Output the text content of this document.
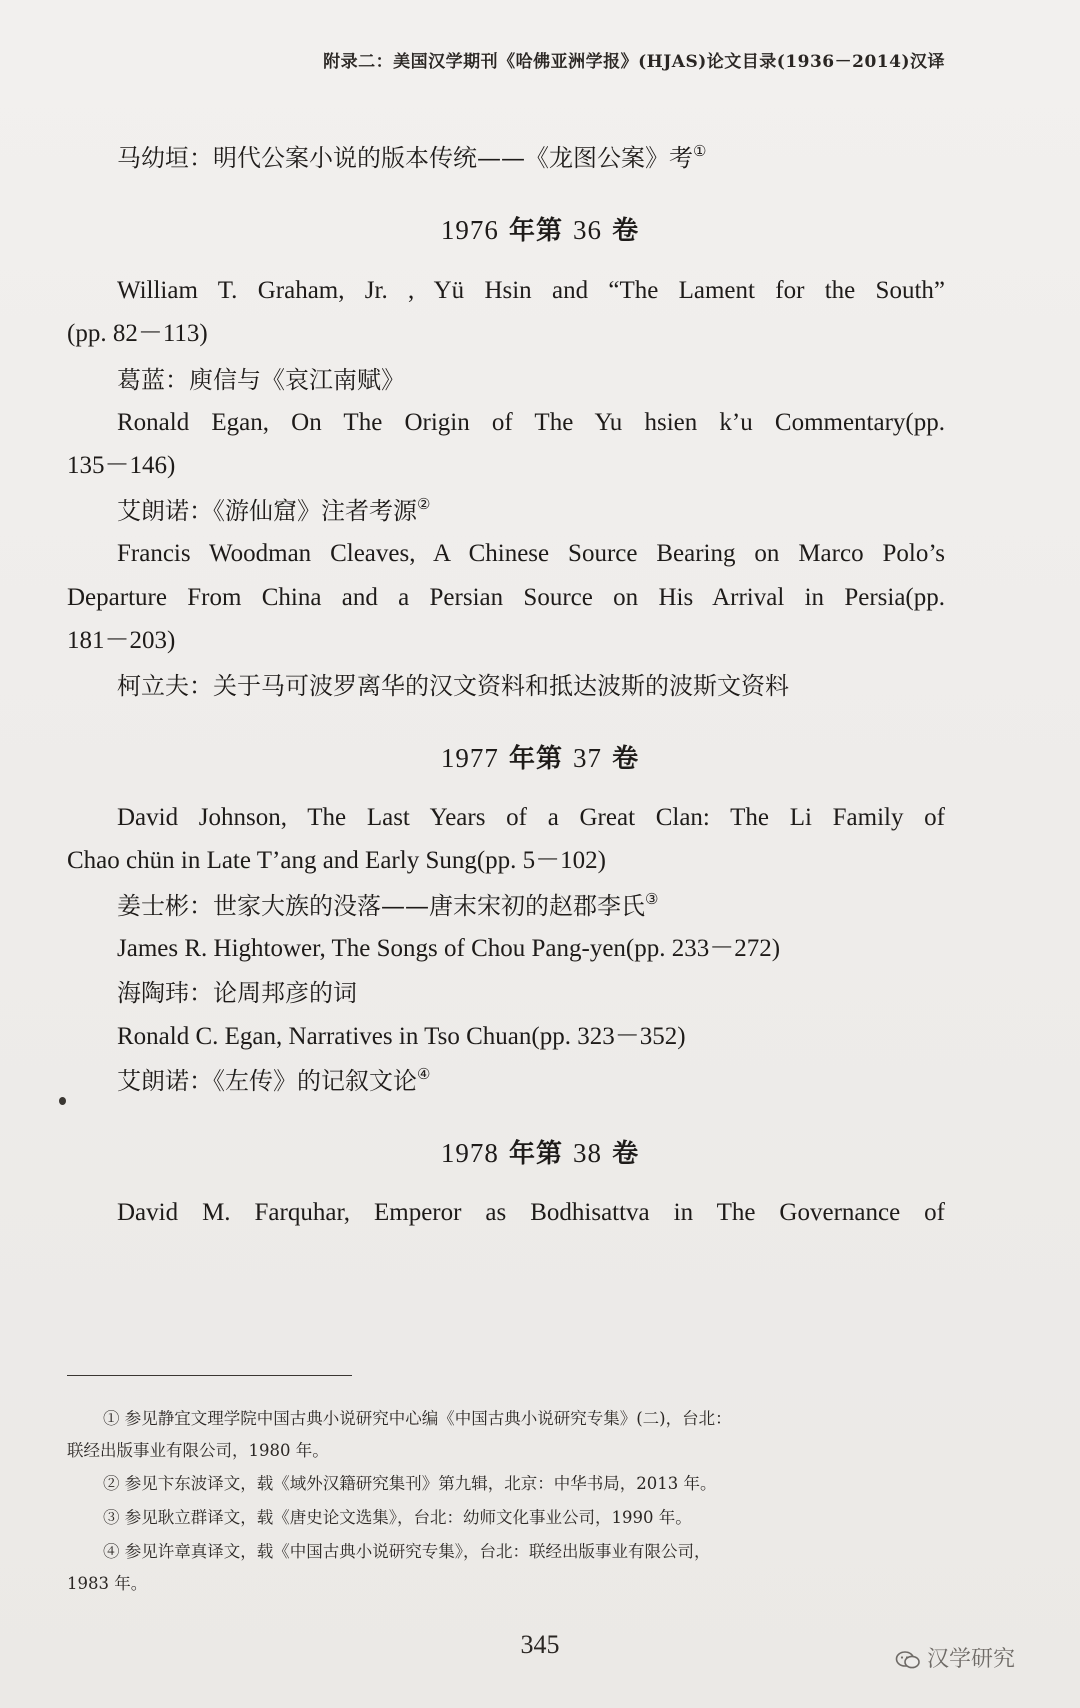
附录二：美国汉学期刊《哈佛亚洲学报》(HJAS)论文目录(1936－2014)汉译
马幼垣：明代公案小说的版本传统——《龙图公案》考①
1976 年第 36 卷
William T. Graham, Jr. , Yü Hsin and “The Lament for the South”
(pp. 82－113)
葛蓝：庾信与《哀江南赋》
Ronald Egan, On The Origin of The Yu hsien k’u Commentary(pp.
135－146)
艾朗诺：《游仙窟》注者考源②
Francis Woodman Cleaves, A Chinese Source Bearing on Marco Polo’s
Departure From China and a Persian Source on His Arrival in Persia(pp.
181－203)
柯立夫：关于马可波罗离华的汉文资料和抵达波斯的波斯文资料
1977 年第 37 卷
David Johnson, The Last Years of a Great Clan: The Li Family of
Chao chün in Late T’ang and Early Sung(pp. 5－102)
姜士彬：世家大族的没落——唐末宋初的赵郡李氏③
James R. Hightower, The Songs of Chou Pang-yen(pp. 233－272)
海陶玮：论周邦彦的词
Ronald C. Egan, Narratives in Tso Chuan(pp. 323－352)
艾朗诺：《左传》的记叙文论④
1978 年第 38 卷
David M. Farquhar, Emperor as Bodhisattva in The Governance of
① 参见静宜文理学院中国古典小说研究中心编《中国古典小说研究专集》(二)，台北：
联经出版事业有限公司，1980 年。
② 参见卞东波译文，载《域外汉籍研究集刊》第九辑，北京：中华书局，2013 年。
③ 参见耿立群译文，载《唐史论文选集》，台北：幼师文化事业公司，1990 年。
④ 参见许章真译文，载《中国古典小说研究专集》，台北：联经出版事业有限公司，
1983 年。
345
汉学研究
